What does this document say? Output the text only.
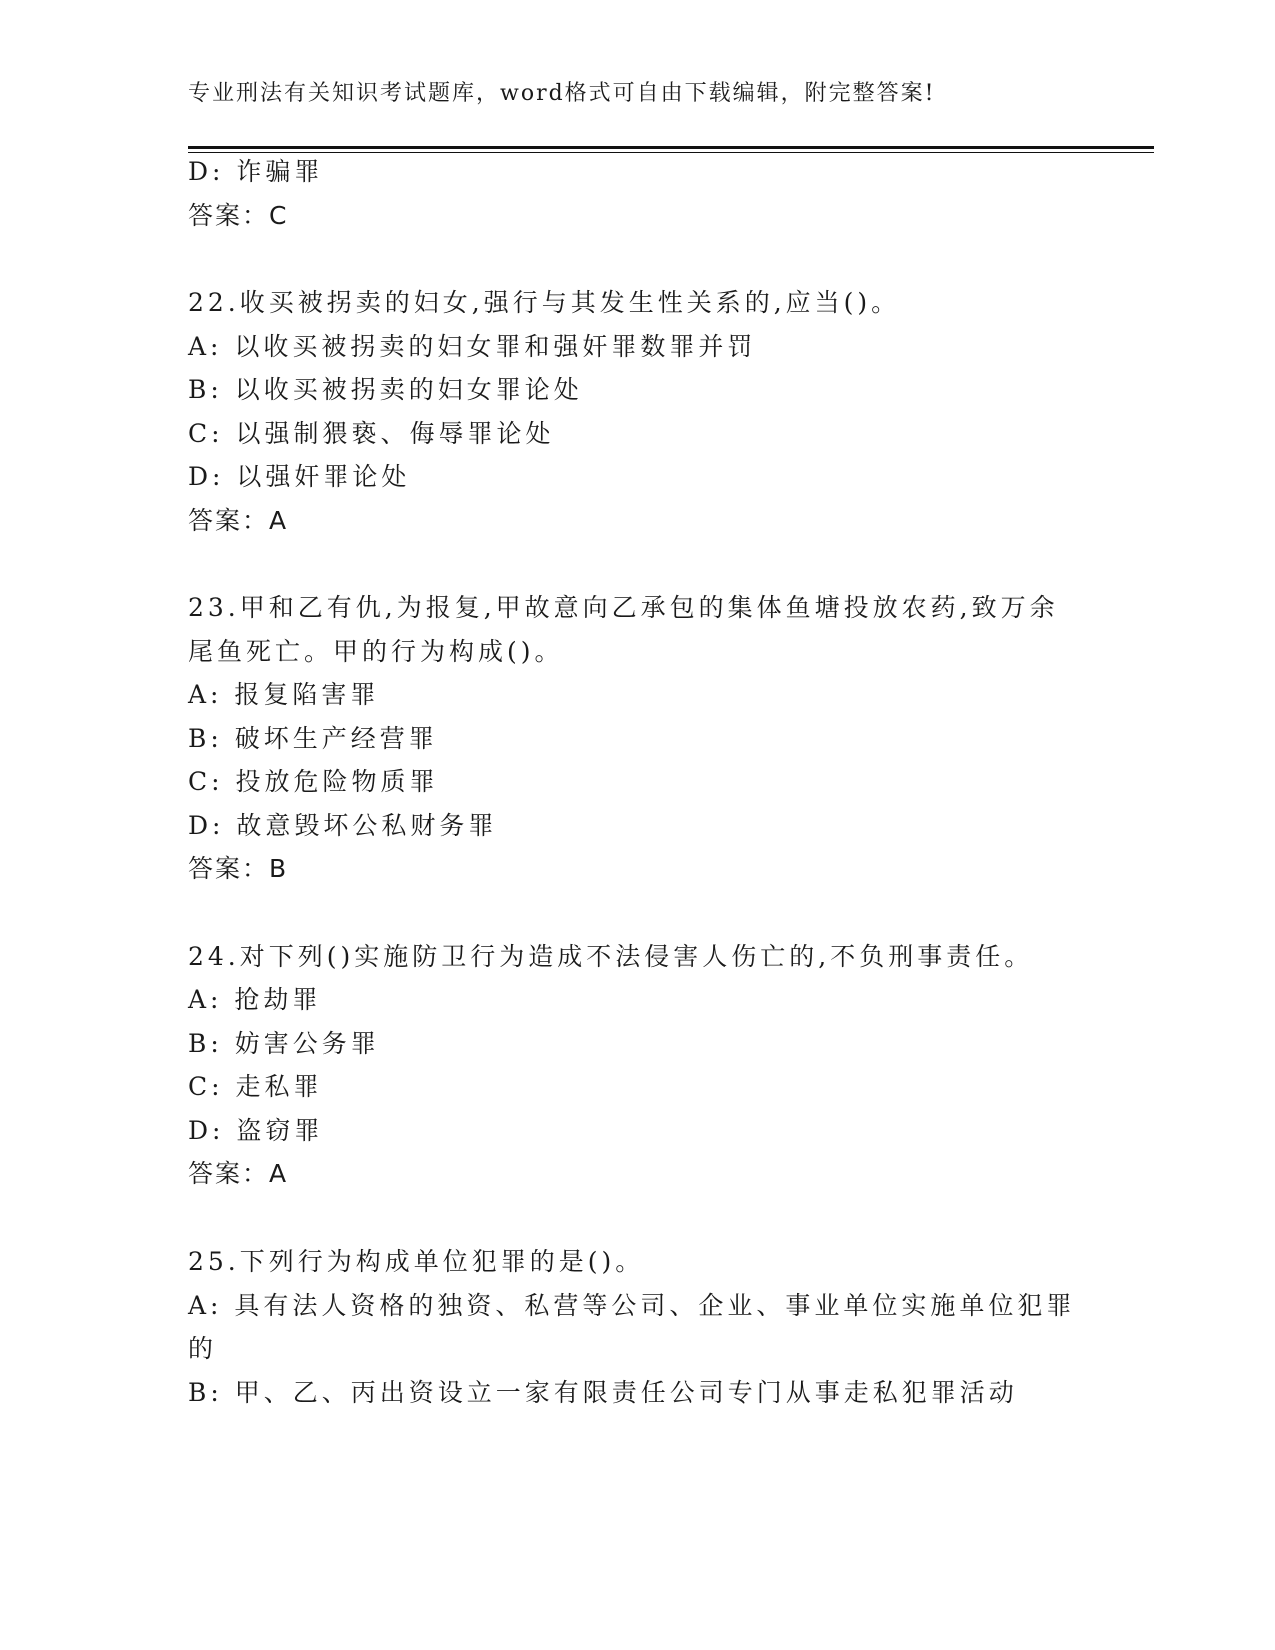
专业刑法有关知识考试题库，word格式可自由下载编辑，附完整答案!
D: 诈骗罪
答案：C
22.收买被拐卖的妇女,强行与其发生性关系的,应当()。
A: 以收买被拐卖的妇女罪和强奸罪数罪并罚
B: 以收买被拐卖的妇女罪论处
C: 以强制猥亵、侮辱罪论处
D: 以强奸罪论处
答案：A
23.甲和乙有仇,为报复,甲故意向乙承包的集体鱼塘投放农药,致万余
尾鱼死亡。甲的行为构成()。
A: 报复陷害罪
B: 破坏生产经营罪
C: 投放危险物质罪
D: 故意毁坏公私财务罪
答案：B
24.对下列()实施防卫行为造成不法侵害人伤亡的,不负刑事责任。
A: 抢劫罪
B: 妨害公务罪
C: 走私罪
D: 盗窃罪
答案：A
25.下列行为构成单位犯罪的是()。
A: 具有法人资格的独资、私营等公司、企业、事业单位实施单位犯罪
的
B: 甲、乙、丙出资设立一家有限责任公司专门从事走私犯罪活动
